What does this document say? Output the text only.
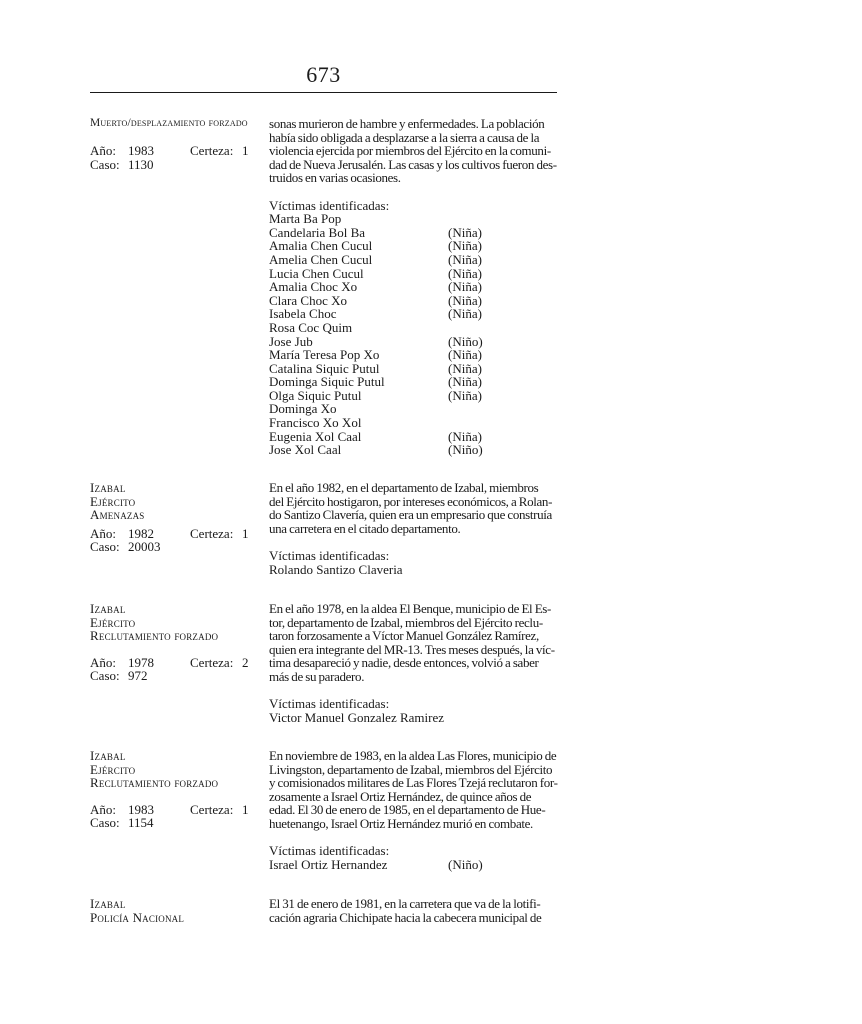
673
Muerto/desplazamiento forzado
Año: 1983	Certeza: 1
Caso: 1130

sonas murieron de hambre y enfermedades. La población
había sido obligada a desplazarse a la sierra a causa de la
violencia ejercida por miembros del Ejército en la comuni-
dad de Nueva Jerusalén. Las casas y los cultivos fueron des-
truidos en varias ocasiones.

Víctimas identificadas:
Marta Ba Pop
Candelaria Bol Ba	(Niña)
Amalia Chen Cucul	(Niña)
Amelia Chen Cucul	(Niña)
Lucia Chen Cucul	(Niña)
Amalia Choc Xo	(Niña)
Clara Choc Xo	(Niña)
Isabela Choc	(Niña)
Rosa Coc Quim
Jose Jub	(Niño)
María Teresa Pop Xo	(Niña)
Catalina Siquic Putul	(Niña)
Dominga Siquic Putul	(Niña)
Olga Siquic Putul	(Niña)
Dominga Xo
Francisco Xo Xol
Eugenia Xol Caal	(Niña)
Jose Xol Caal	(Niño)
Izabal
Ejército
Amenazas
Año: 1982	Certeza: 1
Caso: 20003

En el año 1982, en el departamento de Izabal, miembros
del Ejército hostigaron, por intereses económicos, a Rolan-
do Santizo Clavería, quien era un empresario que construía
una carretera en el citado departamento.

Víctimas identificadas:
Rolando Santizo Claveria
Izabal
Ejército
Reclutamiento forzado
Año: 1978	Certeza: 2
Caso: 972

En el año 1978, en la aldea El Benque, municipio de El Es-
tor, departamento de Izabal, miembros del Ejército reclu-
taron forzosamente a Víctor Manuel González Ramírez,
quien era integrante del MR-13. Tres meses después, la víc-
tima desapareció y nadie, desde entonces, volvió a saber
más de su paradero.

Víctimas identificadas:
Victor Manuel Gonzalez Ramirez
Izabal
Ejército
Reclutamiento forzado
Año: 1983	Certeza: 1
Caso: 1154

En noviembre de 1983, en la aldea Las Flores, municipio de
Livingston, departamento de Izabal, miembros del Ejército
y comisionados militares de Las Flores Tzejá reclutaron for-
zosamente a Israel Ortiz Hernández, de quince años de
edad. El 30 de enero de 1985, en el departamento de Hue-
huetenango, Israel Ortiz Hernández murió en combate.

Víctimas identificadas:
Israel Ortiz Hernandez	(Niño)
Izabal
Policía Nacional

El 31 de enero de 1981, en la carretera que va de la lotifi-
cación agraria Chichipate hacia la cabecera municipal de
